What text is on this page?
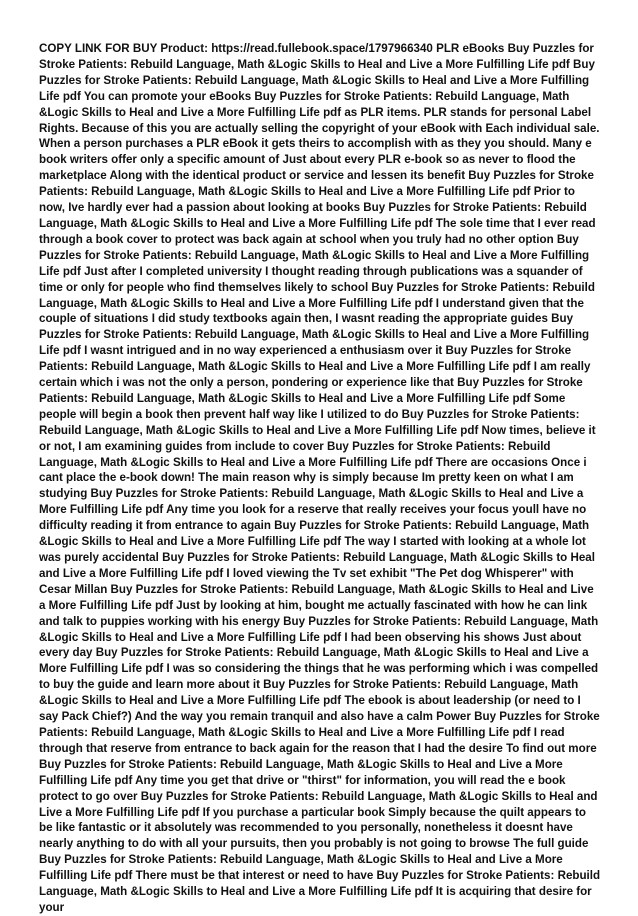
COPY LINK FOR BUY Product: https://read.fullebook.space/1797966340 PLR eBooks Buy Puzzles for Stroke Patients: Rebuild Language, Math &Logic Skills to Heal and Live a More Fulfilling Life pdf Buy Puzzles for Stroke Patients: Rebuild Language, Math &Logic Skills to Heal and Live a More Fulfilling Life pdf You can promote your eBooks Buy Puzzles for Stroke Patients: Rebuild Language, Math &Logic Skills to Heal and Live a More Fulfilling Life pdf as PLR items. PLR stands for personal Label Rights. Because of this you are actually selling the copyright of your eBook with Each individual sale. When a person purchases a PLR eBook it gets theirs to accomplish with as they you should. Many e book writers offer only a specific amount of Just about every PLR e-book so as never to flood the marketplace Along with the identical product or service and lessen its benefit Buy Puzzles for Stroke Patients: Rebuild Language, Math &Logic Skills to Heal and Live a More Fulfilling Life pdf Prior to now, Ive hardly ever had a passion about looking at books Buy Puzzles for Stroke Patients: Rebuild Language, Math &Logic Skills to Heal and Live a More Fulfilling Life pdf The sole time that I ever read through a book cover to protect was back again at school when you truly had no other option Buy Puzzles for Stroke Patients: Rebuild Language, Math &Logic Skills to Heal and Live a More Fulfilling Life pdf Just after I completed university I thought reading through publications was a squander of time or only for people who find themselves likely to school Buy Puzzles for Stroke Patients: Rebuild Language, Math &Logic Skills to Heal and Live a More Fulfilling Life pdf I understand given that the couple of situations I did study textbooks again then, I wasnt reading the appropriate guides Buy Puzzles for Stroke Patients: Rebuild Language, Math &Logic Skills to Heal and Live a More Fulfilling Life pdf I wasnt intrigued and in no way experienced a enthusiasm over it Buy Puzzles for Stroke Patients: Rebuild Language, Math &Logic Skills to Heal and Live a More Fulfilling Life pdf I am really certain which i was not the only a person, pondering or experience like that Buy Puzzles for Stroke Patients: Rebuild Language, Math &Logic Skills to Heal and Live a More Fulfilling Life pdf Some people will begin a book then prevent half way like I utilized to do Buy Puzzles for Stroke Patients: Rebuild Language, Math &Logic Skills to Heal and Live a More Fulfilling Life pdf Now times, believe it or not, I am examining guides from include to cover Buy Puzzles for Stroke Patients: Rebuild Language, Math &Logic Skills to Heal and Live a More Fulfilling Life pdf There are occasions Once i cant place the e-book down! The main reason why is simply because Im pretty keen on what I am studying Buy Puzzles for Stroke Patients: Rebuild Language, Math &Logic Skills to Heal and Live a More Fulfilling Life pdf Any time you look for a reserve that really receives your focus youll have no difficulty reading it from entrance to again Buy Puzzles for Stroke Patients: Rebuild Language, Math &Logic Skills to Heal and Live a More Fulfilling Life pdf The way I started with looking at a whole lot was purely accidental Buy Puzzles for Stroke Patients: Rebuild Language, Math &Logic Skills to Heal and Live a More Fulfilling Life pdf I loved viewing the Tv set exhibit "The Pet dog Whisperer" with Cesar Millan Buy Puzzles for Stroke Patients: Rebuild Language, Math &Logic Skills to Heal and Live a More Fulfilling Life pdf Just by looking at him, bought me actually fascinated with how he can link and talk to puppies working with his energy Buy Puzzles for Stroke Patients: Rebuild Language, Math &Logic Skills to Heal and Live a More Fulfilling Life pdf I had been observing his shows Just about every day Buy Puzzles for Stroke Patients: Rebuild Language, Math &Logic Skills to Heal and Live a More Fulfilling Life pdf I was so considering the things that he was performing which i was compelled to buy the guide and learn more about it Buy Puzzles for Stroke Patients: Rebuild Language, Math &Logic Skills to Heal and Live a More Fulfilling Life pdf The ebook is about leadership (or need to I say Pack Chief?) And the way you remain tranquil and also have a calm Power Buy Puzzles for Stroke Patients: Rebuild Language, Math &Logic Skills to Heal and Live a More Fulfilling Life pdf I read through that reserve from entrance to back again for the reason that I had the desire To find out more Buy Puzzles for Stroke Patients: Rebuild Language, Math &Logic Skills to Heal and Live a More Fulfilling Life pdf Any time you get that drive or "thirst" for information, you will read the e book protect to go over Buy Puzzles for Stroke Patients: Rebuild Language, Math &Logic Skills to Heal and Live a More Fulfilling Life pdf If you purchase a particular book Simply because the quilt appears to be like fantastic or it absolutely was recommended to you personally, nonetheless it doesnt have nearly anything to do with all your pursuits, then you probably is not going to browse The full guide Buy Puzzles for Stroke Patients: Rebuild Language, Math &Logic Skills to Heal and Live a More Fulfilling Life pdf There must be that interest or need to have Buy Puzzles for Stroke Patients: Rebuild Language, Math &Logic Skills to Heal and Live a More Fulfilling Life pdf It is acquiring that desire for your
